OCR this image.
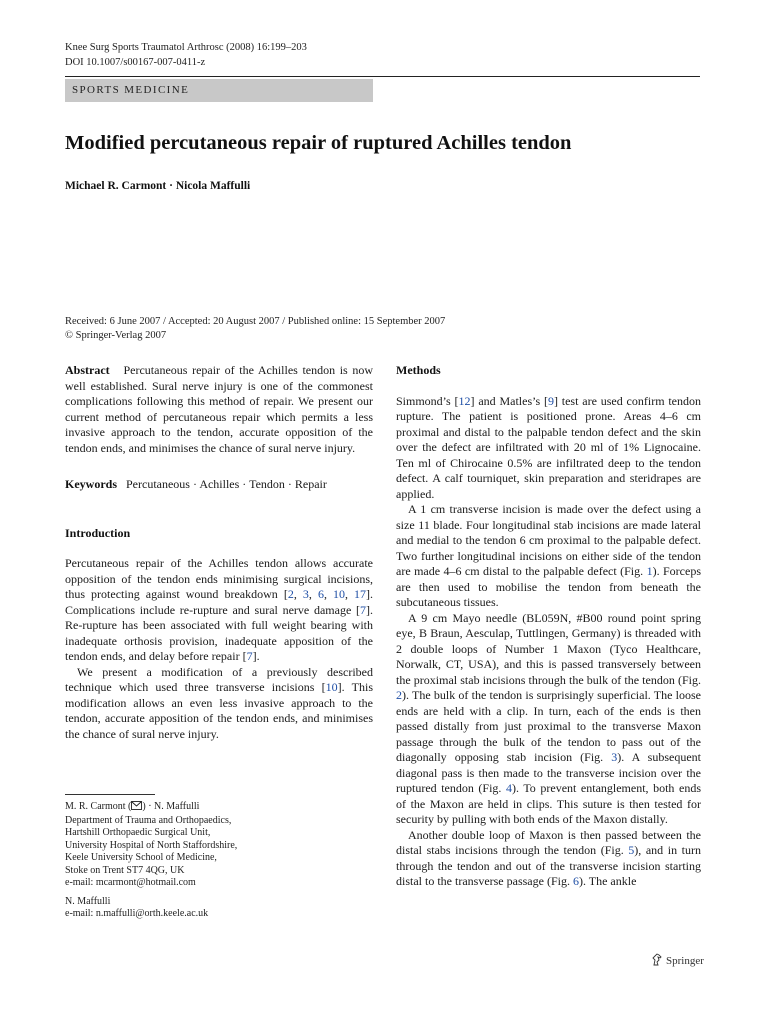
Knee Surg Sports Traumatol Arthrosc (2008) 16:199–203
DOI 10.1007/s00167-007-0411-z
SPORTS MEDICINE
Modified percutaneous repair of ruptured Achilles tendon
Michael R. Carmont · Nicola Maffulli
Received: 6 June 2007 / Accepted: 20 August 2007 / Published online: 15 September 2007
© Springer-Verlag 2007

Abstract Percutaneous repair of the Achilles tendon is now well established. Sural nerve injury is one of the commonest complications following this method of repair. We present our current method of percutaneous repair which permits a less invasive approach to the tendon, accurate opposition of the tendon ends, and minimises the chance of sural nerve injury.

Keywords Percutaneous · Achilles · Tendon · Repair

Introduction

Percutaneous repair of the Achilles tendon allows accurate opposition of the tendon ends minimising surgical incisions, thus protecting against wound breakdown [2, 3, 6, 10, 17]. Complications include re-rupture and sural nerve damage [7]. Re-rupture has been associated with full weight bearing with inadequate orthosis provision, inadequate apposition of the tendon ends, and delay before repair [7].

We present a modification of a previously described technique which used three transverse incisions [10]. This modification allows an even less invasive approach to the tendon, accurate apposition of the tendon ends, and minimises the chance of sural nerve injury.

M. R. Carmont ( ) · N. Maffulli
Department of Trauma and Orthopaedics,
Hartshill Orthopaedic Surgical Unit,
University Hospital of North Staffordshire,
Keele University School of Medicine,
Stoke on Trent ST7 4QG, UK
e-mail: mcarmont@hotmail.com
N. Maffulli
e-mail: n.maffulli@orth.keele.ac.uk
Methods

Simmond’s [12] and Matles’s [9] test are used confirm tendon rupture. The patient is positioned prone. Areas 4–6 cm proximal and distal to the palpable tendon defect and the skin over the defect are infiltrated with 20 ml of 1% Lignocaine. Ten ml of Chirocaine 0.5% are infiltrated deep to the tendon defect. A calf tourniquet, skin preparation and steridrapes are applied.

A 1 cm transverse incision is made over the defect using a size 11 blade. Four longitudinal stab incisions are made lateral and medial to the tendon 6 cm proximal to the palpable defect. Two further longitudinal incisions on either side of the tendon are made 4–6 cm distal to the palpable defect (Fig. 1). Forceps are then used to mobilise the tendon from beneath the subcutaneous tissues.

A 9 cm Mayo needle (BL059N, #B00 round point spring eye, B Braun, Aesculap, Tuttlingen, Germany) is threaded with 2 double loops of Number 1 Maxon (Tyco Healthcare, Norwalk, CT, USA), and this is passed transversely between the proximal stab incisions through the bulk of the tendon (Fig. 2). The bulk of the tendon is surprisingly superficial. The loose ends are held with a clip. In turn, each of the ends is then passed distally from just proximal to the transverse Maxon passage through the bulk of the tendon to pass out of the diagonally opposing stab incision (Fig. 3). A subsequent diagonal pass is then made to the transverse incision over the ruptured tendon (Fig. 4). To prevent entanglement, both ends of the Maxon are held in clips. This suture is then tested for security by pulling with both ends of the Maxon distally.

Another double loop of Maxon is then passed between the distal stabs incisions through the tendon (Fig. 5), and in turn through the tendon and out of the transverse incision starting distal to the transverse passage (Fig. 6). The ankle

Springer
